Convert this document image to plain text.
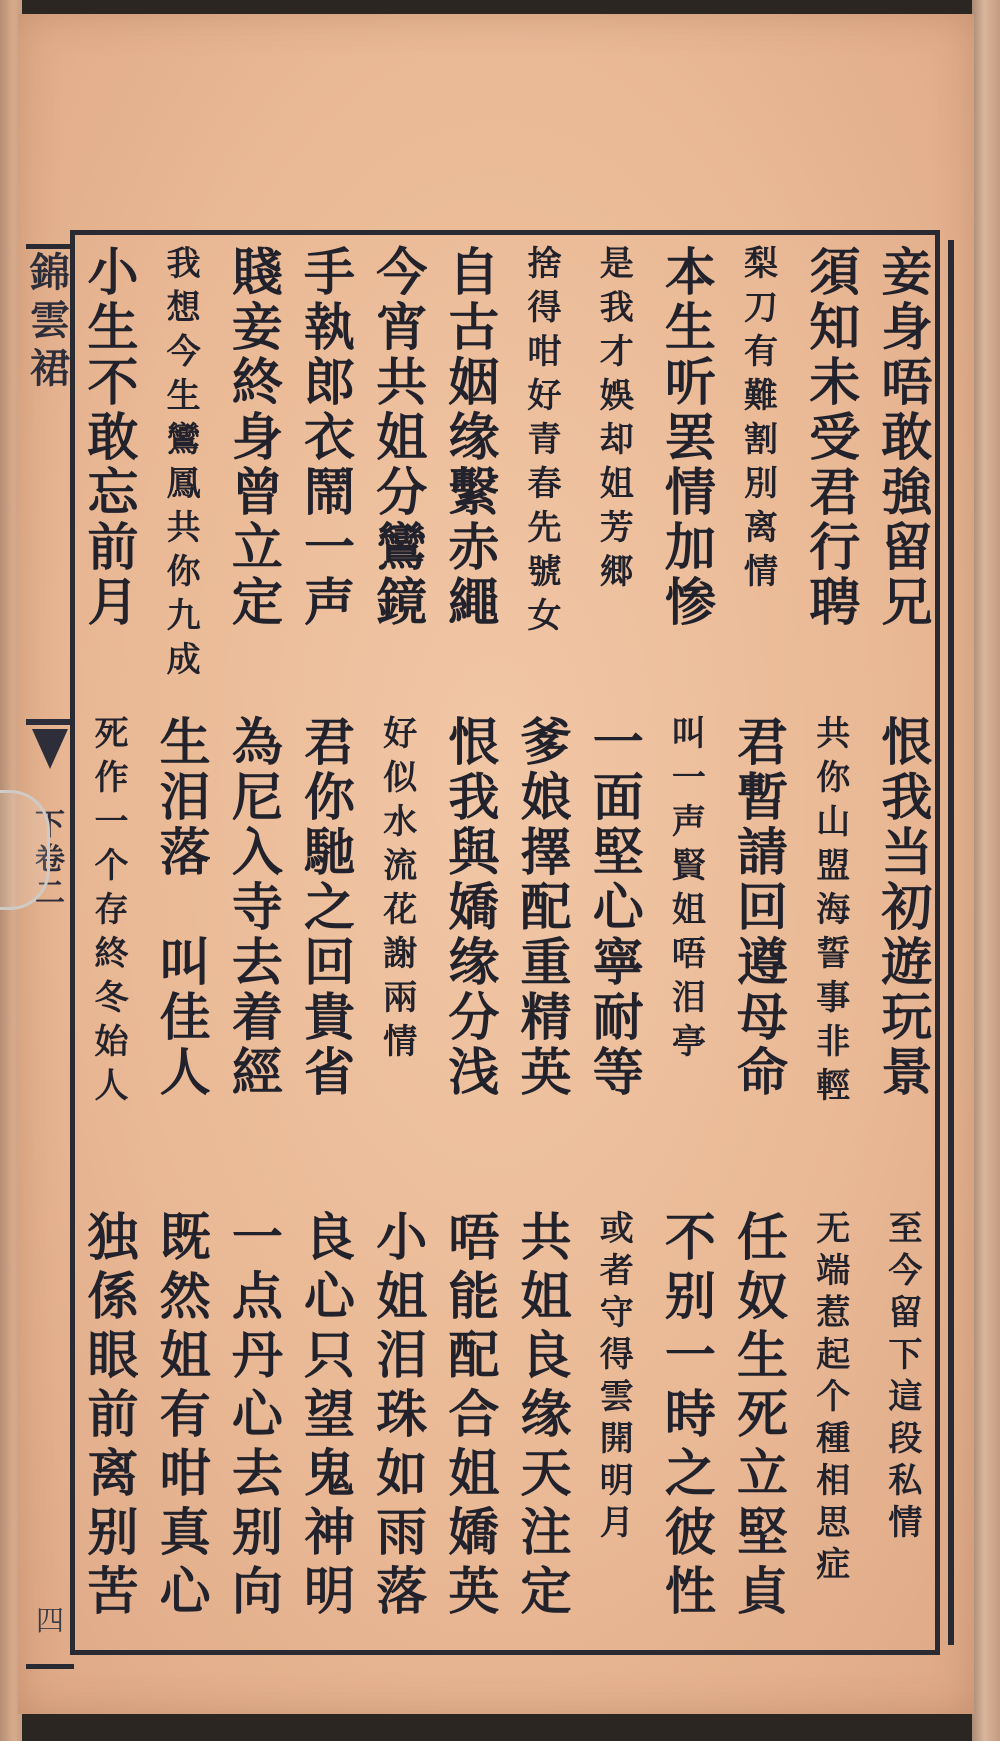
錦
雲
裙
下
卷
二
四
妾身唔敢強留兄
須知未受君行聘
梨刀有難割別离情
本生听罢情加惨
是我才娛却姐芳郷
捨得咁好青春先號女
自古姻缘繫赤繩
今宵共姐分鸞鏡
手執郎衣鬧一声
賤妾終身曾立定
我想今生鸞鳳共你九成
小生不敢忘前月
恨我当初遊玩景
共你山盟海誓事非輕
君暫請回遵母命
叫一声賢姐唔泪亭
一面堅心寧耐等
爹娘擇配重精英
恨我與嬌缘分浅
好似水流花謝兩情
君你馳之回貴省
為尼入寺去着經
生泪落　叫佳人
死作一个存終冬始人
至今留下這段私情
无端惹起个種相思症
任奴生死立堅貞
不别一時之彼性
或者守得雲開明月
共姐良缘天注定
唔能配合姐嬌英
小姐泪珠如雨落
良心只望鬼神明
一点丹心去别向
既然姐有咁真心
独係眼前离别苦
